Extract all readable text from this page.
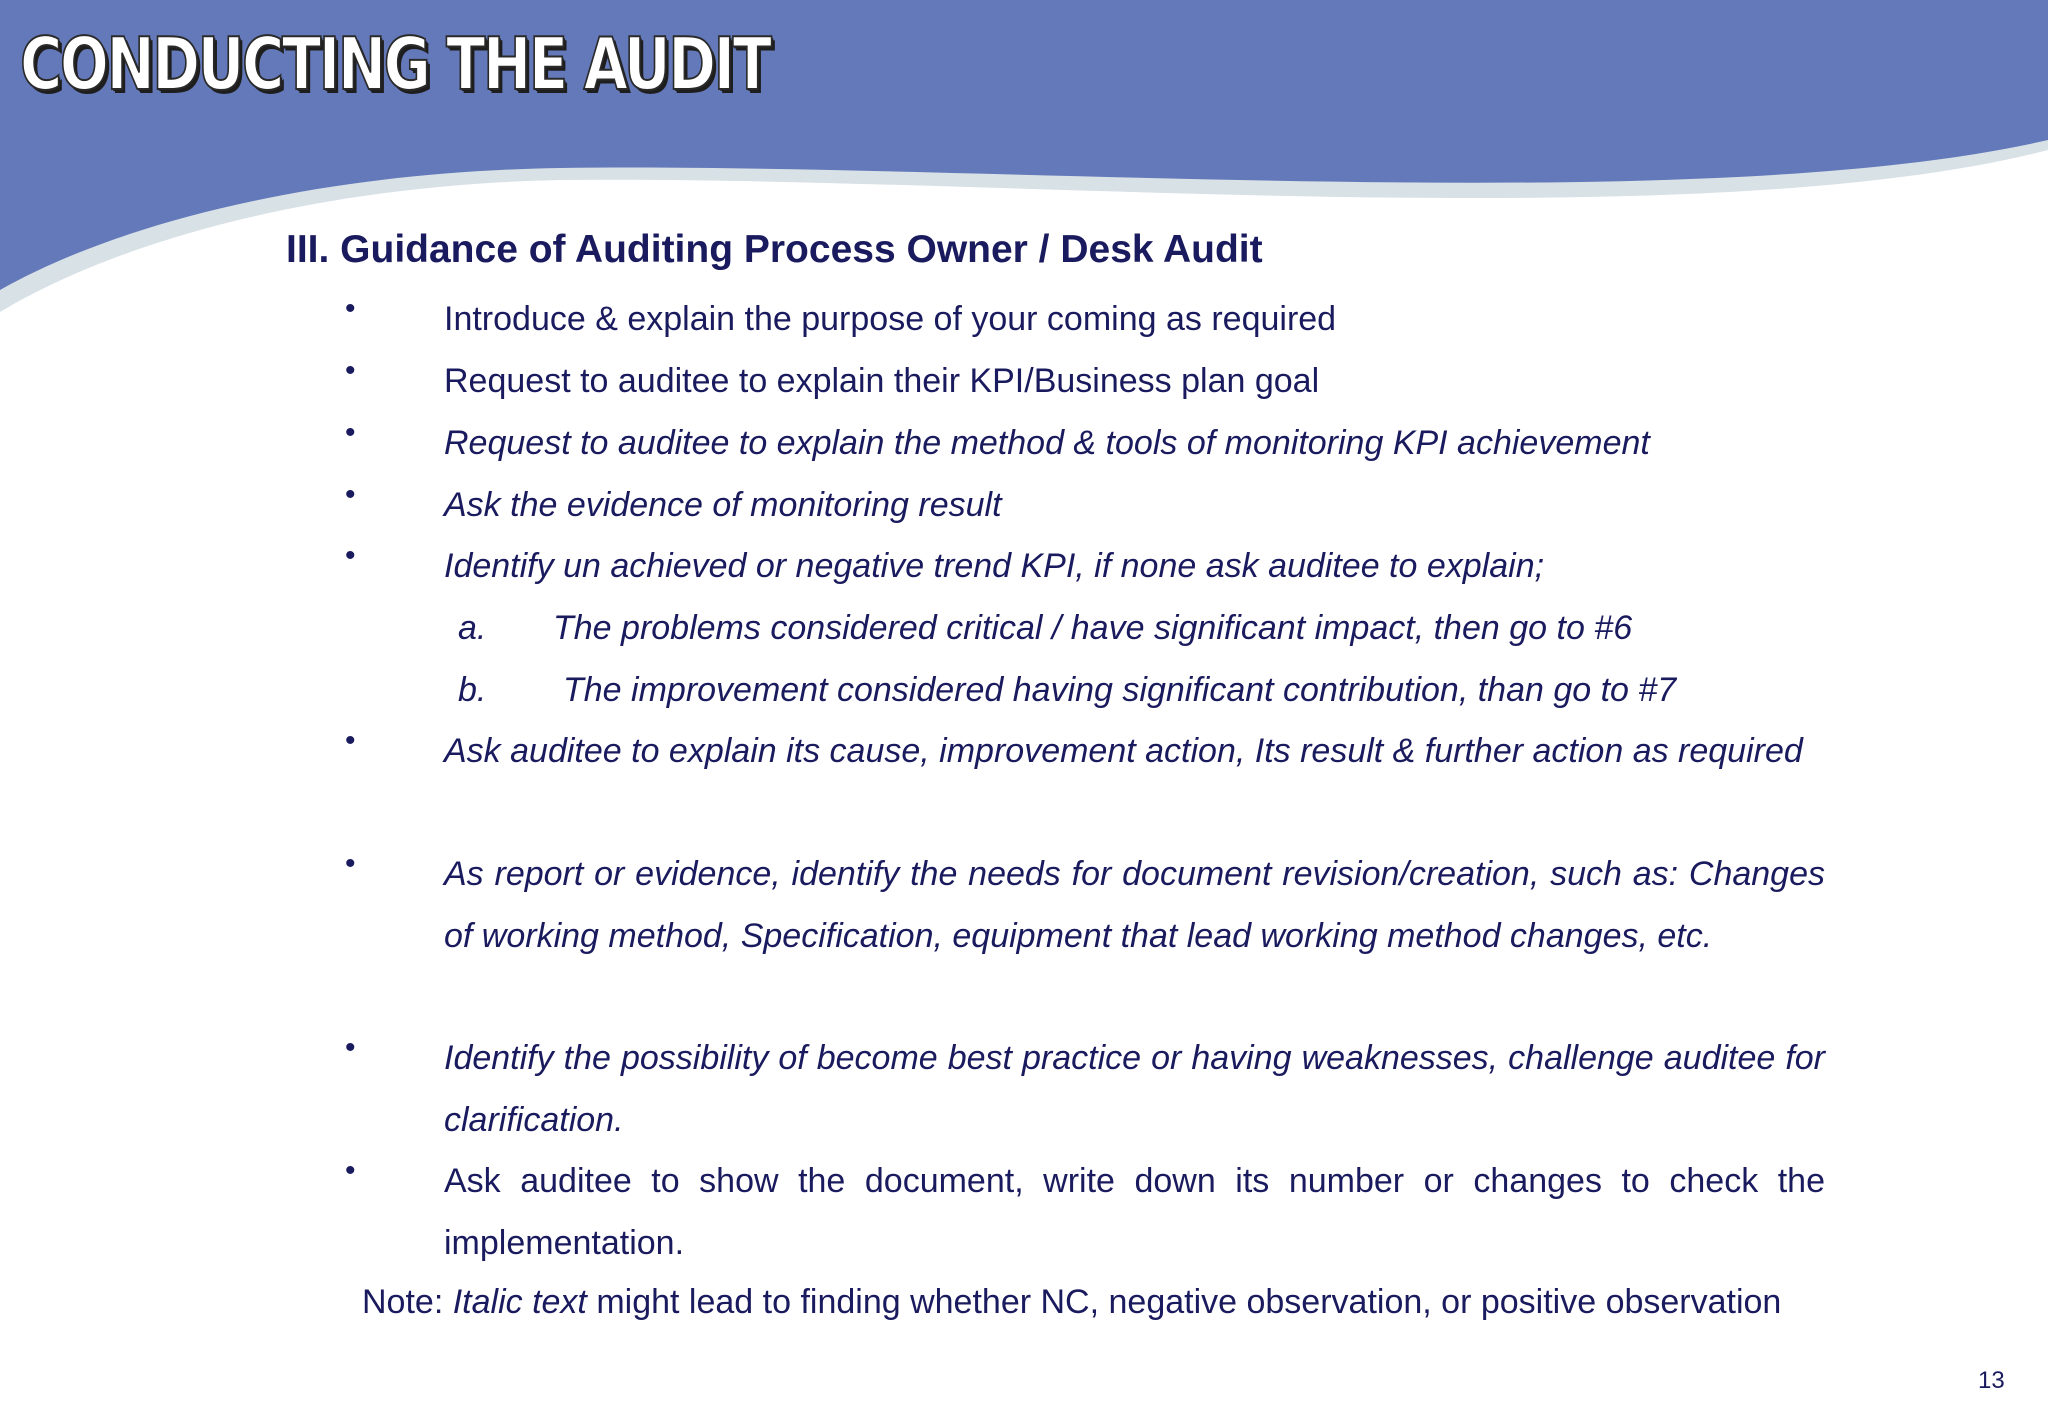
CONDUCTING THE AUDIT
III. Guidance of Auditing Process Owner / Desk Audit
•	Introduce & explain the purpose of your coming as required
•	Request to auditee to explain their KPI/Business plan goal
•	Request to auditee to explain the method & tools of monitoring KPI achievement
•	Ask the evidence of monitoring result
•	Identify un achieved or negative trend KPI, if none ask auditee to explain;
a. The problems considered critical / have significant impact, then go to #6
b. The improvement considered having significant contribution, than go to #7
•	Ask auditee to explain its cause, improvement action, Its result & further action as required
•	As report or evidence, identify the needs for document revision/creation, such as: Changes of working method, Specification, equipment that lead working method changes, etc.
•	Identify the possibility of become best practice or having weaknesses, challenge auditee for clarification.
•	Ask auditee to show the document, write down its number or changes to check the implementation.
Note: Italic text might lead to finding whether NC, negative observation, or positive observation
13
